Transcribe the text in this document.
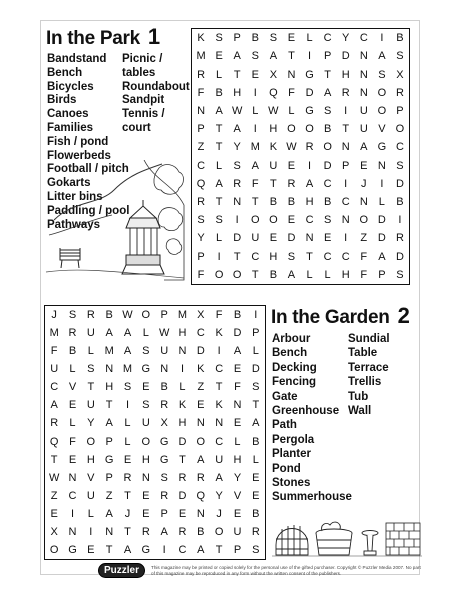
In the Park 1
Bandstand
Bench
Bicycles
Birds
Canoes
Families
Fish / pond
Flowerbeds
Football / pitch
Gokarts
Litter bins
Paddling / pool
Pathways
Picnic /
tables
Roundabout
Sandpit
Tennis /
court
K S P B S E	L	C Y C	I	B
M E A S A	T	I	P D N A S
R	L	T	E X N G T H N S X
F	B H	I	Q F D A R N O R
N A W L W L G S	I	U O P
P	T	A	I	H O O B	T U V O
Z	T	Y M K W R O N A G C
C	L	S A U E	I	D P E N S
Q A R F	T R A C	I	J	I	D
R T N T	B B H B C N	L	B
S S	I	O O E C S N O D	I
Y	L	D U E D N E	I	Z D R
P	I	T C H S	T C C F	A D
F O O T	B A	L	L	H F	P S
In the Garden 2
Arbour
Bench
Decking
Fencing
Gate
Greenhouse
Path
Pergola
Planter
Pond
Stones
Summerhouse
Sundial
Table
Terrace
Trellis
Tub
Wall
J	S R B W O P M X	F	B	I
M R U A A	L W H C K D P
F	B	L M A	S U N D	I	A	L
U	L	S N M G N	I	K C E D
C V	T	H S	E B	L	Z	T	F	S
A E U	T	I	S R K	E K N T
R	L	Y A	L	U X H N N E	A
Q F O P	L	O G D O C	L	B
T	E H G E H G T	A U H	L
W N V P R N S R R A Y	E
Z C U	Z	T	E R D Q Y V	E
E	I	L	A	J	E P E N	J	E	B
X N	I	N T R A R B O U R
O G E	T	A G	I	C A	T	P	S
Puzzler	This magazine may be printed or copied solely for the personal use of the gifted purchaser. Copyright © Puzzler Media 2007. No part of this magazine may be reproduced in any form without the written consent of the publishers.
